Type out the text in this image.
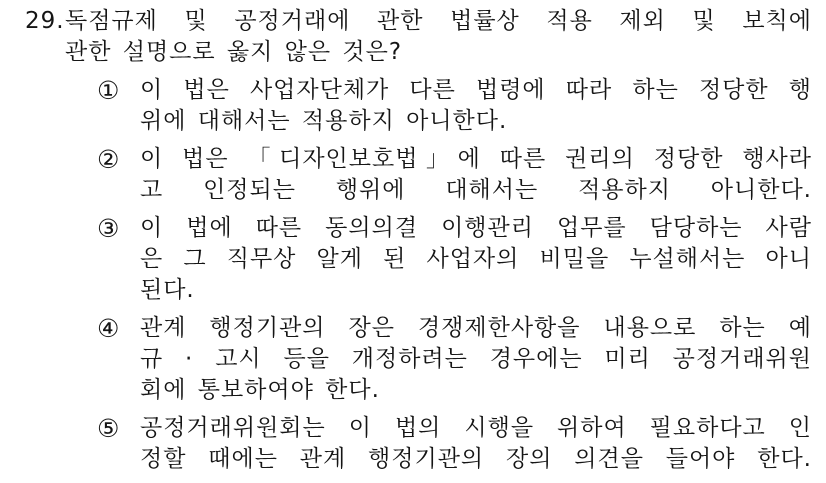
29. 독점규제 및 공정거래에 관한 법률상 적용 제외 및 보칙에
관한 설명으로 옳지 않은 것은?
① 이 법은 사업자단체가 다른 법령에 따라 하는 정당한 행
위에 대해서는 적용하지 아니한다.
② 이 법은 「디자인보호법」에 따른 권리의 정당한 행사라
고 인정되는 행위에 대해서는 적용하지 아니한다.
③ 이 법에 따른 동의의결 이행관리 업무를 담당하는 사람
은 그 직무상 알게 된 사업자의 비밀을 누설해서는 아니
된다.
④ 관계 행정기관의 장은 경쟁제한사항을 내용으로 하는 예
규 · 고시 등을 개정하려는 경우에는 미리 공정거래위원
회에 통보하여야 한다.
⑤ 공정거래위원회는 이 법의 시행을 위하여 필요하다고 인
정할 때에는 관계 행정기관의 장의 의견을 들어야 한다.
